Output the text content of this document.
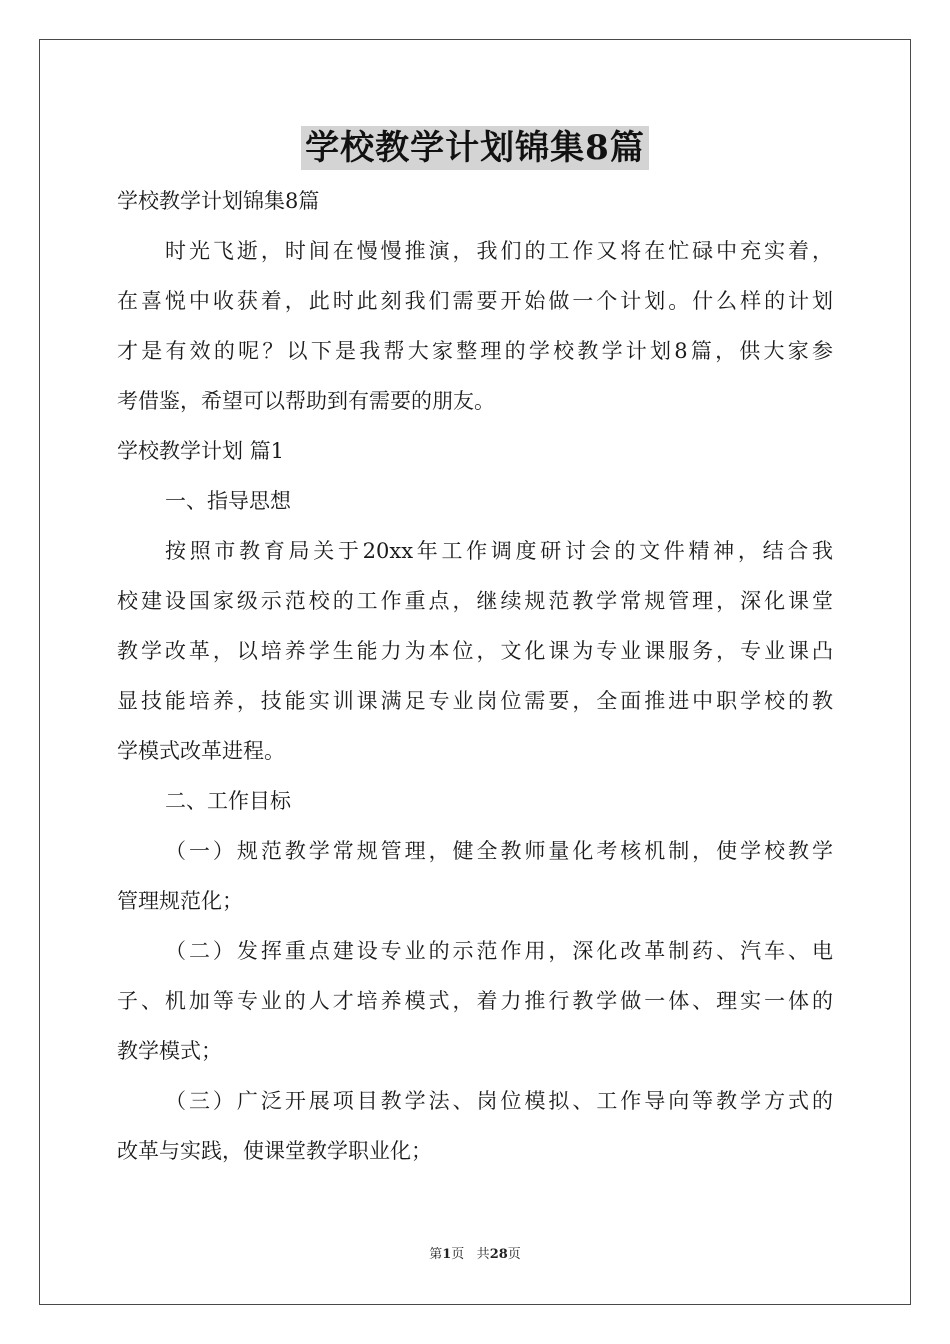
学校教学计划锦集8篇
学校教学计划锦集8篇
时光飞逝，时间在慢慢推演，我们的工作又将在忙碌中充实着，
在喜悦中收获着，此时此刻我们需要开始做一个计划。什么样的计划
才是有效的呢？以下是我帮大家整理的学校教学计划8篇，供大家参
考借鉴，希望可以帮助到有需要的朋友。
学校教学计划 篇1
一、指导思想
按照市教育局关于20xx年工作调度研讨会的文件精神，结合我
校建设国家级示范校的工作重点，继续规范教学常规管理，深化课堂
教学改革，以培养学生能力为本位，文化课为专业课服务，专业课凸
显技能培养，技能实训课满足专业岗位需要，全面推进中职学校的教
学模式改革进程。
二、工作目标
（一）规范教学常规管理，健全教师量化考核机制，使学校教学
管理规范化；
（二）发挥重点建设专业的示范作用，深化改革制药、汽车、电
子、机加等专业的人才培养模式，着力推行教学做一体、理实一体的
教学模式；
（三）广泛开展项目教学法、岗位模拟、工作导向等教学方式的
改革与实践，使课堂教学职业化；
第1页 共28页
